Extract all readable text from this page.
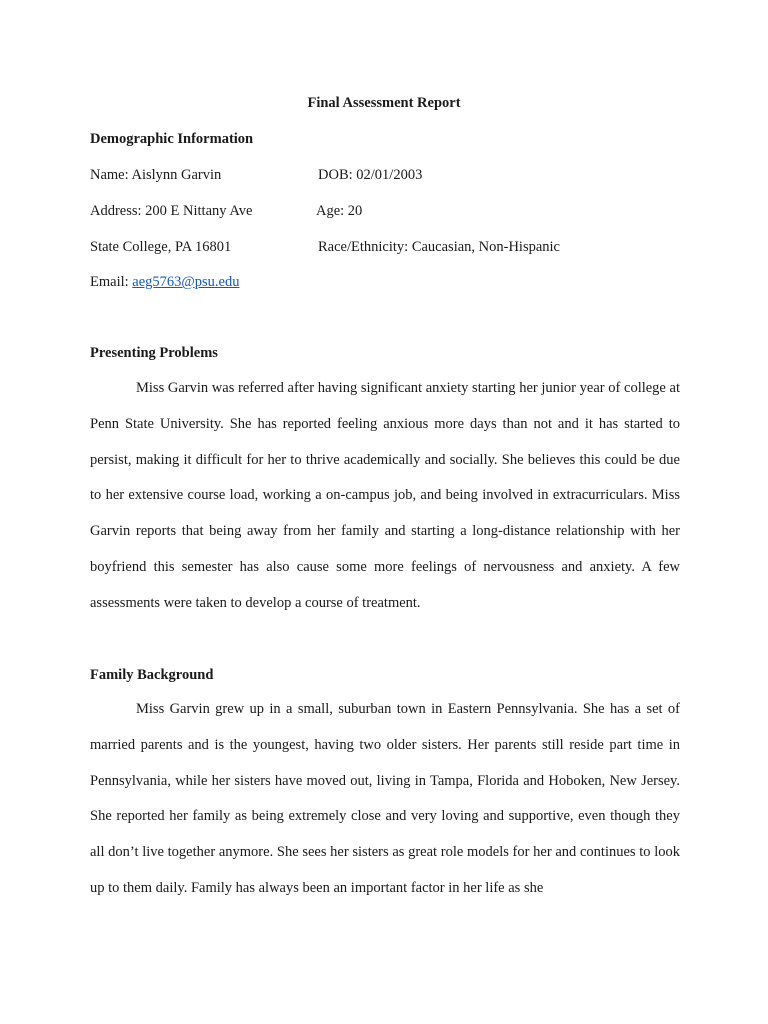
Final Assessment Report
Demographic Information
Name: Aislynn Garvin	DOB: 02/01/2003
Address: 200 E Nittany Ave	Age: 20
State College, PA 16801	Race/Ethnicity: Caucasian, Non-Hispanic
Email: aeg5763@psu.edu
Presenting Problems
Miss Garvin was referred after having significant anxiety starting her junior year of college at Penn State University. She has reported feeling anxious more days than not and it has started to persist, making it difficult for her to thrive academically and socially. She believes this could be due to her extensive course load, working a on-campus job, and being involved in extracurriculars. Miss Garvin reports that being away from her family and starting a long-distance relationship with her boyfriend this semester has also cause some more feelings of nervousness and anxiety. A few assessments were taken to develop a course of treatment.
Family Background
Miss Garvin grew up in a small, suburban town in Eastern Pennsylvania. She has a set of married parents and is the youngest, having two older sisters. Her parents still reside part time in Pennsylvania, while her sisters have moved out, living in Tampa, Florida and Hoboken, New Jersey. She reported her family as being extremely close and very loving and supportive, even though they all don’t live together anymore. She sees her sisters as great role models for her and continues to look up to them daily. Family has always been an important factor in her life as she
